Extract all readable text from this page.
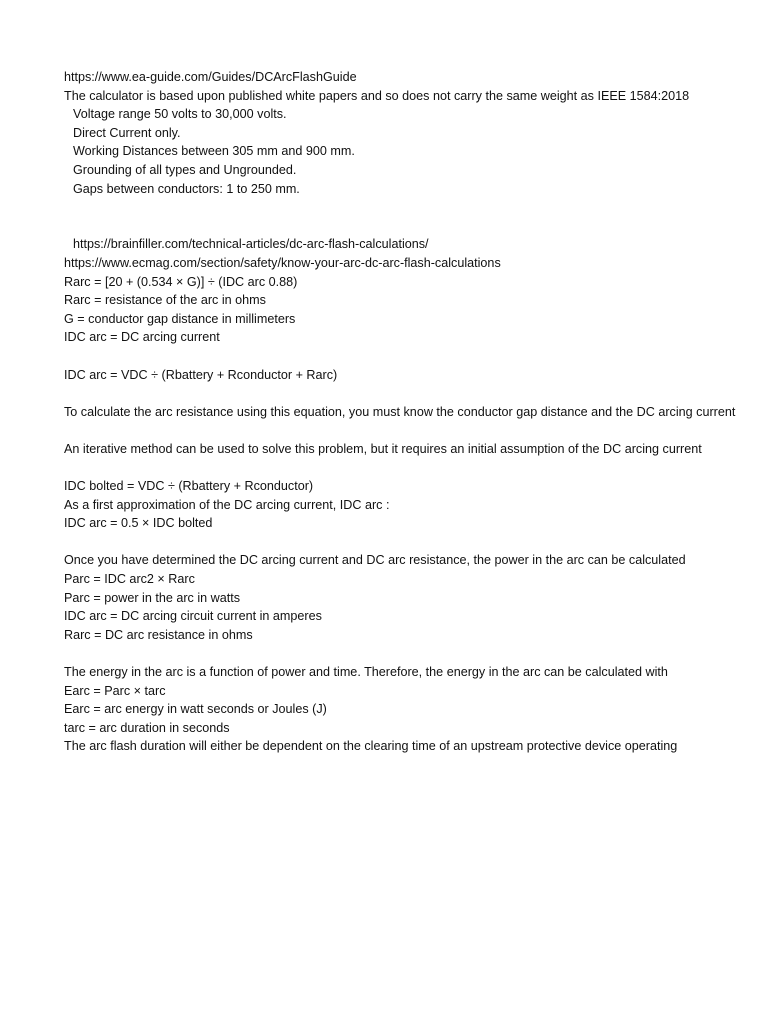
https://www.ea-guide.com/Guides/DCArcFlashGuide
The calculator is based upon published white papers and so does not carry the same weight as IEEE 1584:2018
Voltage range 50 volts to 30,000 volts.
Direct Current only.
Working Distances between 305 mm and 900 mm.
Grounding of all types and Ungrounded.
Gaps between conductors: 1 to 250 mm.
https://brainfiller.com/technical-articles/dc-arc-flash-calculations/
https://www.ecmag.com/section/safety/know-your-arc-dc-arc-flash-calculations
Rarc = [20 + (0.534 × G)] ÷ (IDC arc 0.88)
Rarc = resistance of the arc in ohms
G = conductor gap distance in millimeters
IDC arc = DC arcing current
IDC arc = VDC ÷ (Rbattery + Rconductor + Rarc)
To calculate the arc resistance using this equation, you must know the conductor gap distance and the DC arcing current
An iterative method can be used to solve this problem, but it requires an initial assumption of the DC arcing current
IDC bolted = VDC ÷ (Rbattery + Rconductor)
As a first approximation of the DC arcing current, IDC arc :
IDC arc = 0.5 × IDC bolted
Once you have determined the DC arcing current and DC arc resistance, the power in the arc can be calculated
Parc = IDC arc2 × Rarc
Parc = power in the arc in watts
IDC arc = DC arcing circuit current in amperes
Rarc = DC arc resistance in ohms
The energy in the arc is a function of power and time. Therefore, the energy in the arc can be calculated with
Earc = Parc × tarc
Earc = arc energy in watt seconds or Joules (J)
tarc = arc duration in seconds
The arc flash duration will either be dependent on the clearing time of an upstream protective device operating
